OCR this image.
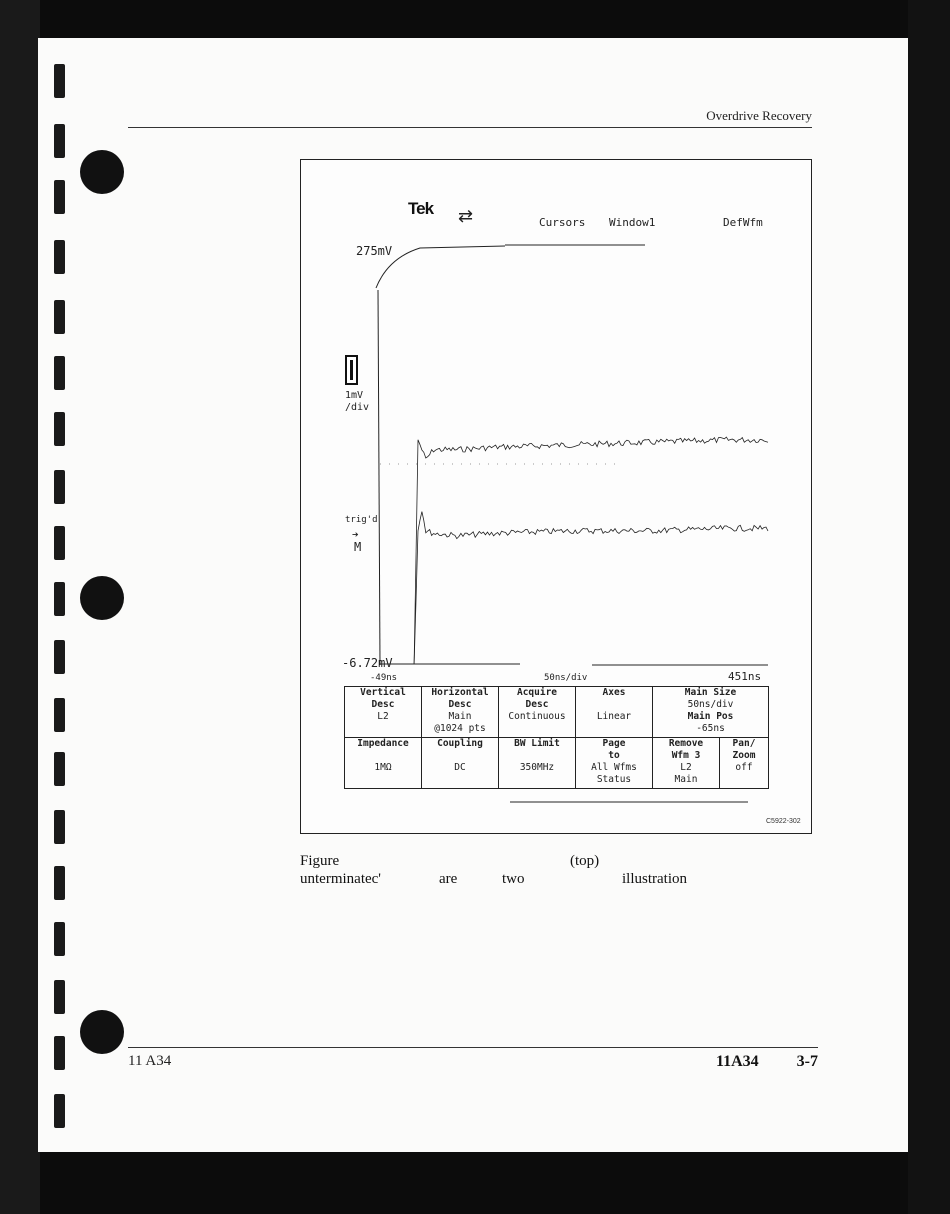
Overdrive Recovery
Tek ⇄	Cursors Window1	DefWfm
275mV
1mV
/div
trig'd
➔
M
-6.72mV
-49ns	50ns/div	451ns
Vertical
Desc
L2	Horizontal
Desc
Main
@1024 pts	Acquire
Desc
Continuous	Axes

Linear	Main Size
50ns/div
Main Pos
-65ns	

Impedance

1MΩ	Coupling

DC	BW Limit

350MHz	Page
to
All Wfms
Status	Remove
Wfm 3
L2
Main	Pan/
Zoom
off
C5922-302
Figure	(top)
unterminatec'	are	two	illustration
11 A34	11A34 3-7
